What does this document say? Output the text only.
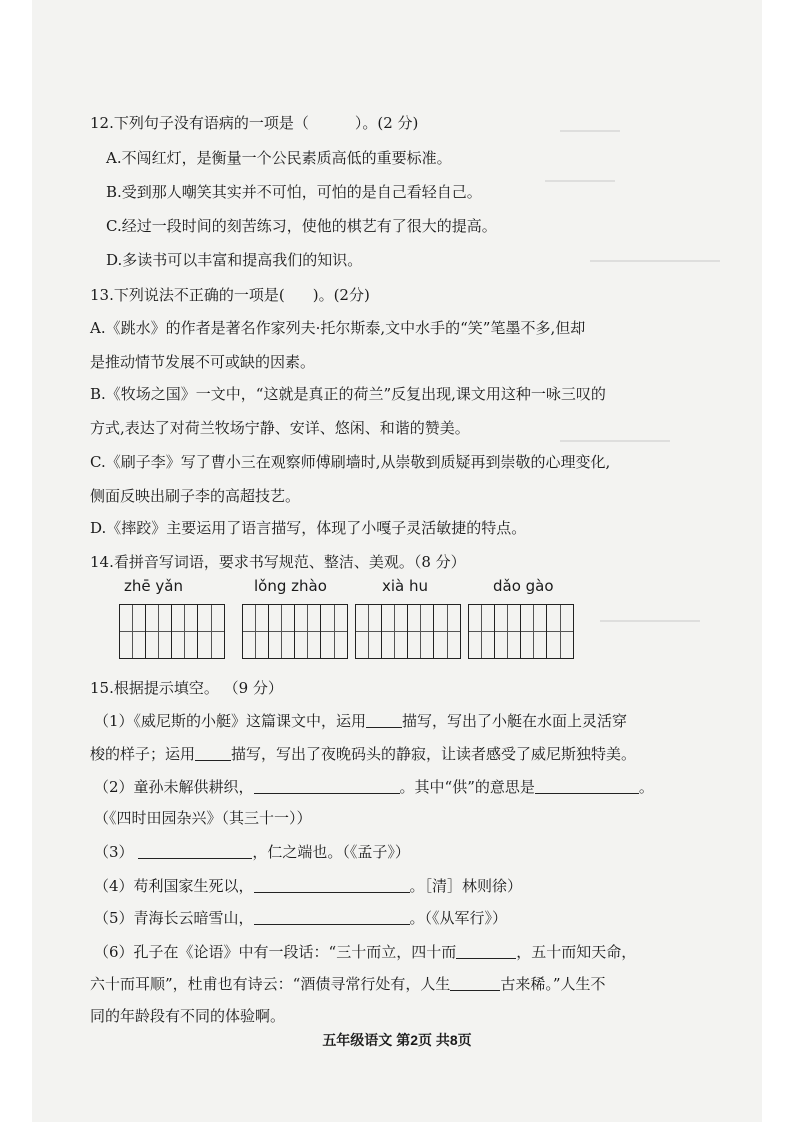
12.下列句子没有语病的一项是（	）。(2 分)
A.不闯红灯，是衡量一个公民素质高低的重要标准。
B.受到那人嘲笑其实并不可怕，可怕的是自己看轻自己。
C.经过一段时间的刻苦练习，使他的棋艺有了很大的提高。
D.多读书可以丰富和提高我们的知识。
13.下列说法不正确的一项是( )。(2分)
A.《跳水》的作者是著名作家列夫·托尔斯泰,文中水手的“笑”笔墨不多,但却
是推动情节发展不可或缺的因素。
B.《牧场之国》一文中，“这就是真正的荷兰”反复出现,课文用这种一咏三叹的
方式,表达了对荷兰牧场宁静、安详、悠闲、和谐的赞美。
C.《刷子李》写了曹小三在观察师傅刷墙时,从崇敬到质疑再到崇敬的心理变化,
侧面反映出刷子李的高超技艺。
D.《摔跤》主要运用了语言描写，体现了小嘎子灵活敏捷的特点。
14.看拼音写词语，要求书写规范、整洁、美观。（8 分）
zhē yǎn	lǒng zhào	xià hu	dǎo gào
15.根据提示填空。 （9 分）
（1）《威尼斯的小艇》这篇课文中，运用 描写，写出了小艇在水面上灵活穿
梭的样子；运用 描写，写出了夜晚码头的静寂，让读者感受了威尼斯独特美。
（2）童孙未解供耕织，	。其中“供”的意思是	。
（《四时田园杂兴》（其三十一））
（3）	，仁之端也。（《孟子》）
（4）苟利国家生死以，	。［清］林则徐）
（5）青海长云暗雪山，	。（《从军行》）
（6）孔子在《论语》中有一段话：“三十而立，四十而	，五十而知天命，
六十而耳顺”，杜甫也有诗云：“酒债寻常行处有，人生	古来稀。”人生不
同的年龄段有不同的体验啊。
五年级语文 第2页 共8页
